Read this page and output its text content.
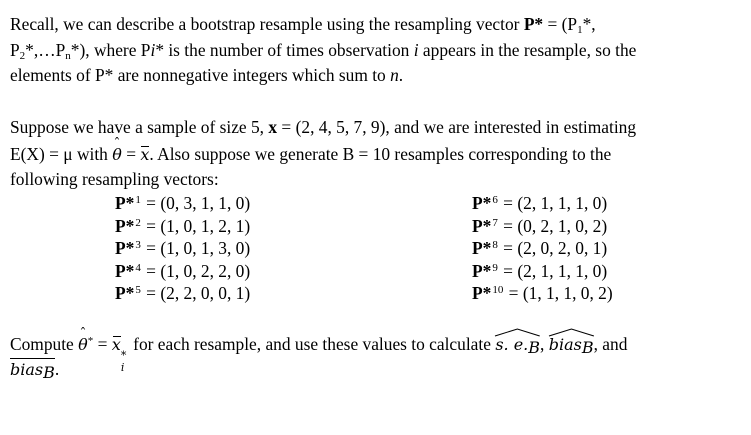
Recall, we can describe a bootstrap resample using the resampling vector $P* = (P_1*$,
$P_2*,\dots P_n*$), where Pi* is the number of times observation i appears in the resample, so the
elements of P* are nonnegative integers which sum to n.
Suppose we have a sample of size 5, x = (2, 4, 5, 7, 9), and we are interested in estimating
E(X) = μ with ˆ θ = x. Also suppose we generate B = 10 resamples corresponding to the
following resampling vectors:
P*$^1$ = (0, 3, 1, 1, 0)
P*$^2$ = (1, 0, 1, 2, 1)
P*$^3$ = (1, 0, 1, 3, 0)
P*$^4$ = (1, 0, 2, 2, 0)
P*$^5$ = (2, 2, 0, 0, 1)
P*$^6$ = (2, 1, 1, 1, 0)
P*$^7$ = (0, 2, 1, 0, 2)
P*$^8$ = (2, 0, 2, 0, 1)
P*$^9$ = (2, 1, 1, 1, 0)
P*$^{10}$ = (1, 1, 1, 0, 2)
Compute ˆ θ* = x
*
i
for each resample, and use these values to calculate
s. $e._B$,
bias$_B$, and
bias$_B$.
